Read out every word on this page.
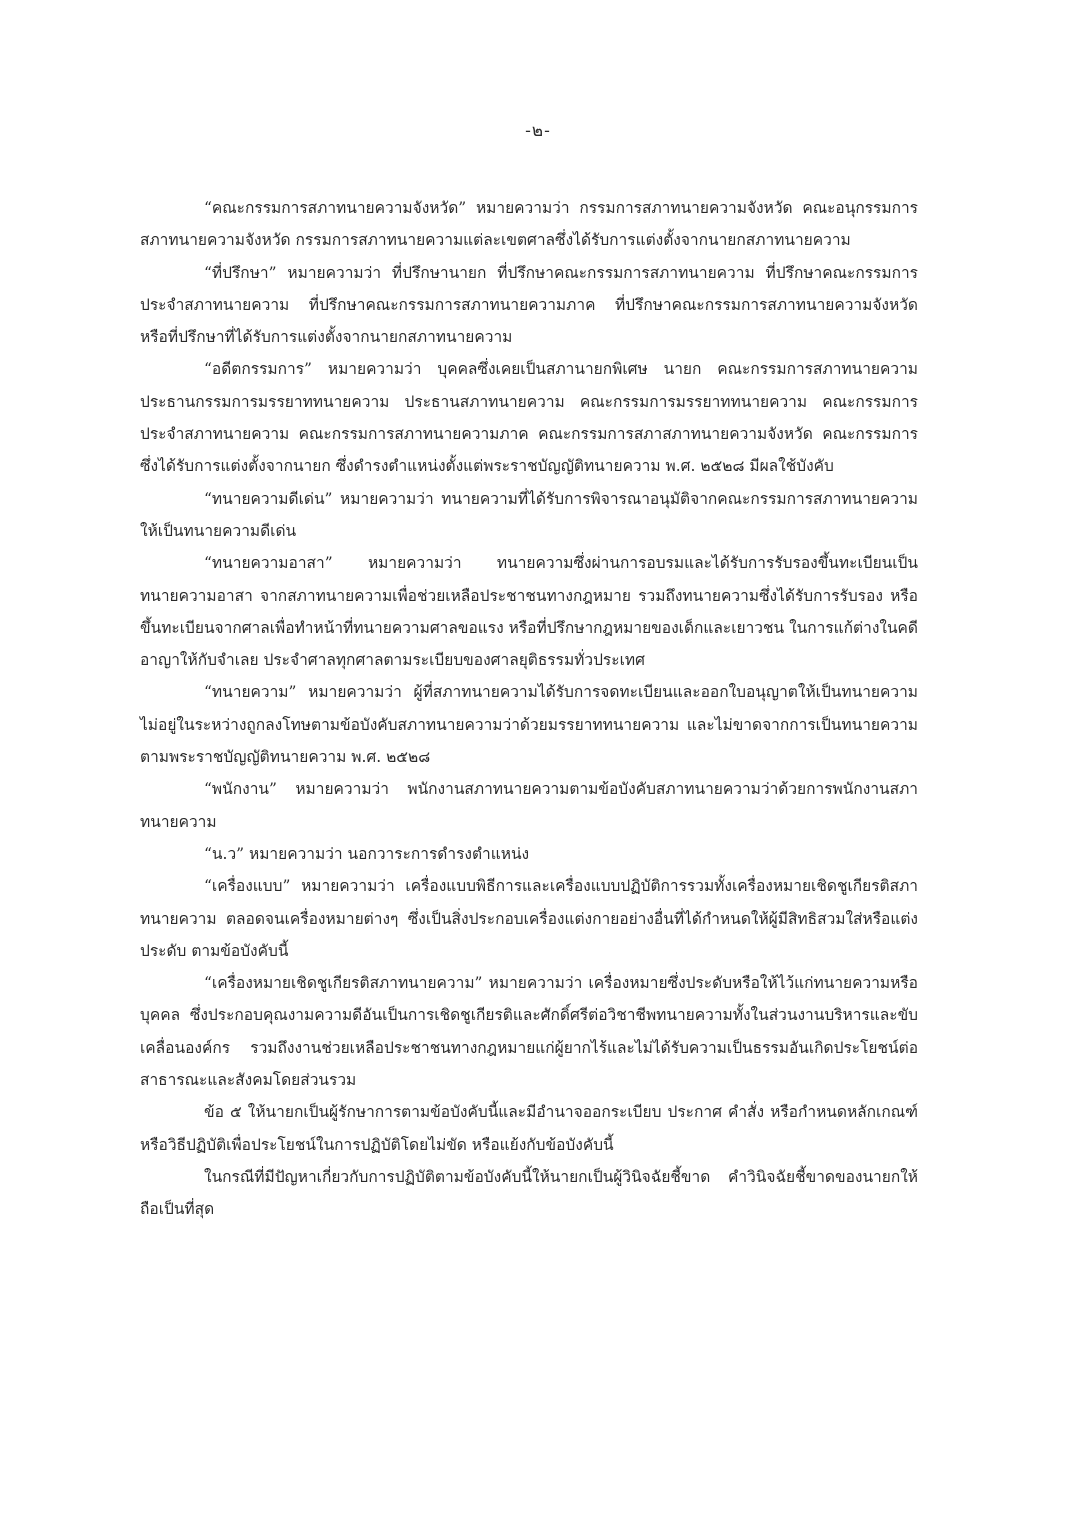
-๒-

“คณะกรรมการสภาทนายความจังหวัด” หมายความว่า กรรมการสภาทนายความจังหวัด คณะอนุกรรมการสภาทนายความจังหวัด กรรมการสภาทนายความแต่ละเขตศาลซึ่งได้รับการแต่งตั้งจากนายกสภาทนายความ

“ที่ปรึกษา” หมายความว่า ที่ปรึกษานายก ที่ปรึกษาคณะกรรมการสภาทนายความ ที่ปรึกษาคณะกรรมการประจำสภาทนายความ ที่ปรึกษาคณะกรรมการสภาทนายความภาค ที่ปรึกษาคณะกรรมการสภาทนายความจังหวัด หรือที่ปรึกษาที่ได้รับการแต่งตั้งจากนายกสภาทนายความ

“อดีตกรรมการ” หมายความว่า บุคคลซึ่งเคยเป็นสภานายกพิเศษ นายก คณะกรรมการสภาทนายความ ประธานกรรมการมรรยาททนายความ ประธานสภาทนายความ คณะกรรมการมรรยาททนายความ คณะกรรมการประจำสภาทนายความ คณะกรรมการสภาทนายความภาค คณะกรรมการสภาสภาทนายความจังหวัด คณะกรรมการซึ่งได้รับการแต่งตั้งจากนายก ซึ่งดำรงตำแหน่งตั้งแต่พระราชบัญญัติทนายความ พ.ศ. ๒๕๒๘ มีผลใช้บังคับ

“ทนายความดีเด่น” หมายความว่า ทนายความที่ได้รับการพิจารณาอนุมัติจากคณะกรรมการสภาทนายความให้เป็นทนายความดีเด่น

“ทนายความอาสา” หมายความว่า ทนายความซึ่งผ่านการอบรมและได้รับการรับรองขึ้นทะเบียนเป็นทนายความอาสา จากสภาทนายความเพื่อช่วยเหลือประชาชนทางกฎหมาย รวมถึงทนายความซึ่งได้รับการรับรอง หรือขึ้นทะเบียนจากศาลเพื่อทำหน้าที่ทนายความศาลขอแรง หรือที่ปรึกษากฎหมายของเด็กและเยาวชน ในการแก้ต่างในคดีอาญาให้กับจำเลย ประจำศาลทุกศาลตามระเบียบของศาลยุติธรรมทั่วประเทศ

“ทนายความ” หมายความว่า ผู้ที่สภาทนายความได้รับการจดทะเบียนและออกใบอนุญาตให้เป็นทนายความ ไม่อยู่ในระหว่างถูกลงโทษตามข้อบังคับสภาทนายความว่าด้วยมรรยาททนายความ และไม่ขาดจากการเป็นทนายความตามพระราชบัญญัติทนายความ พ.ศ. ๒๕๒๘

“พนักงาน” หมายความว่า พนักงานสภาทนายความตามข้อบังคับสภาทนายความว่าด้วยการพนักงานสภาทนายความ

“น.ว” หมายความว่า นอกวาระการดำรงตำแหน่ง

“เครื่องแบบ” หมายความว่า เครื่องแบบพิธีการและเครื่องแบบปฏิบัติการรวมทั้งเครื่องหมายเชิดชูเกียรติสภาทนายความ ตลอดจนเครื่องหมายต่างๆ ซึ่งเป็นสิ่งประกอบเครื่องแต่งกายอย่างอื่นที่ได้กำหนดให้ผู้มีสิทธิสวมใส่หรือแต่งประดับ ตามข้อบังคับนี้

“เครื่องหมายเชิดชูเกียรติสภาทนายความ” หมายความว่า เครื่องหมายซึ่งประดับหรือให้ไว้แก่ทนายความหรือบุคคล ซึ่งประกอบคุณงามความดีอันเป็นการเชิดชูเกียรติและศักดิ์ศรีต่อวิชาชีพทนายความทั้งในส่วนงานบริหารและขับเคลื่อนองค์กร รวมถึงงานช่วยเหลือประชาชนทางกฎหมายแก่ผู้ยากไร้และไม่ได้รับความเป็นธรรมอันเกิดประโยชน์ต่อสาธารณะและสังคมโดยส่วนรวม

ข้อ ๕ ให้นายกเป็นผู้รักษาการตามข้อบังคับนี้และมีอำนาจออกระเบียบ ประกาศ คำสั่ง หรือกำหนดหลักเกณฑ์ หรือวิธีปฏิบัติเพื่อประโยชน์ในการปฏิบัติโดยไม่ขัด หรือแย้งกับข้อบังคับนี้

ในกรณีที่มีปัญหาเกี่ยวกับการปฏิบัติตามข้อบังคับนี้ให้นายกเป็นผู้วินิจฉัยชี้ขาด คำวินิจฉัยชี้ขาดของนายกให้ถือเป็นที่สุด
